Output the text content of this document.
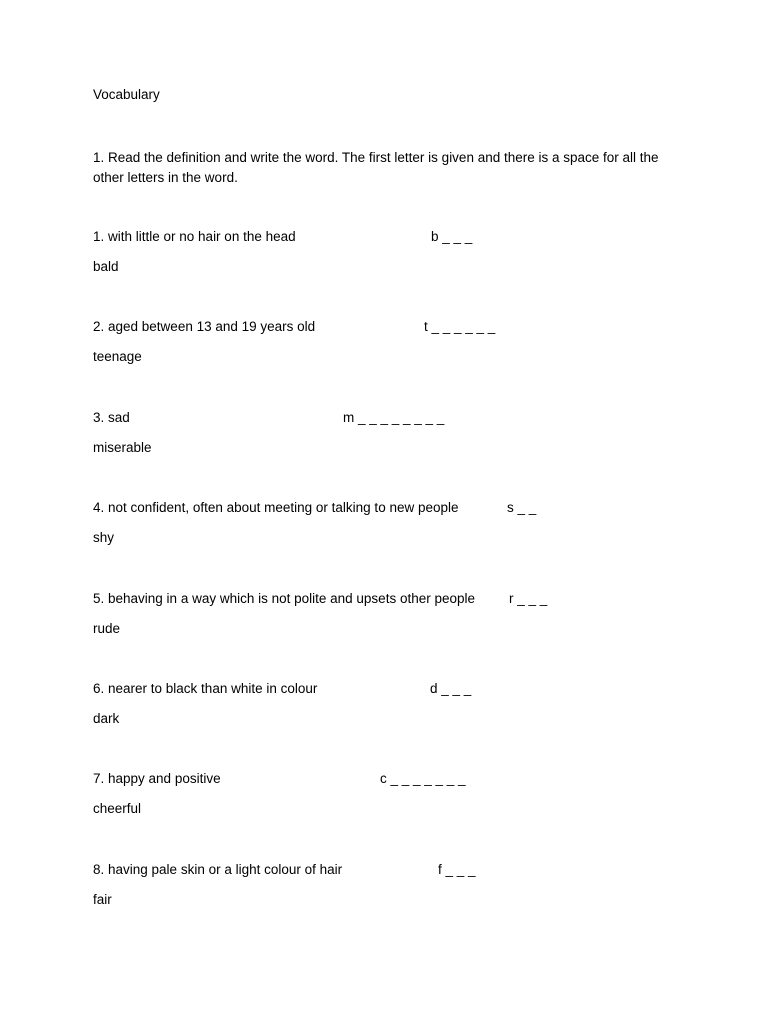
Vocabulary
1. Read the definition and write the word. The first letter is given and there is a space for all the other letters in the word.
1. with little or no hair on the head	b _ _ _
bald
2. aged between 13 and 19 years old	t _ _ _ _ _ _
teenage
3. sad	m _ _ _ _ _ _ _ _
miserable
4. not confident, often about meeting or talking to new people	s _ _
shy
5. behaving in a way which is not polite and upsets other people	r _ _ _
rude
6. nearer to black than white in colour	d _ _ _
dark
7. happy and positive	c _ _ _ _ _ _ _
cheerful
8. having pale skin or a light colour of hair	f _ _ _
fair
